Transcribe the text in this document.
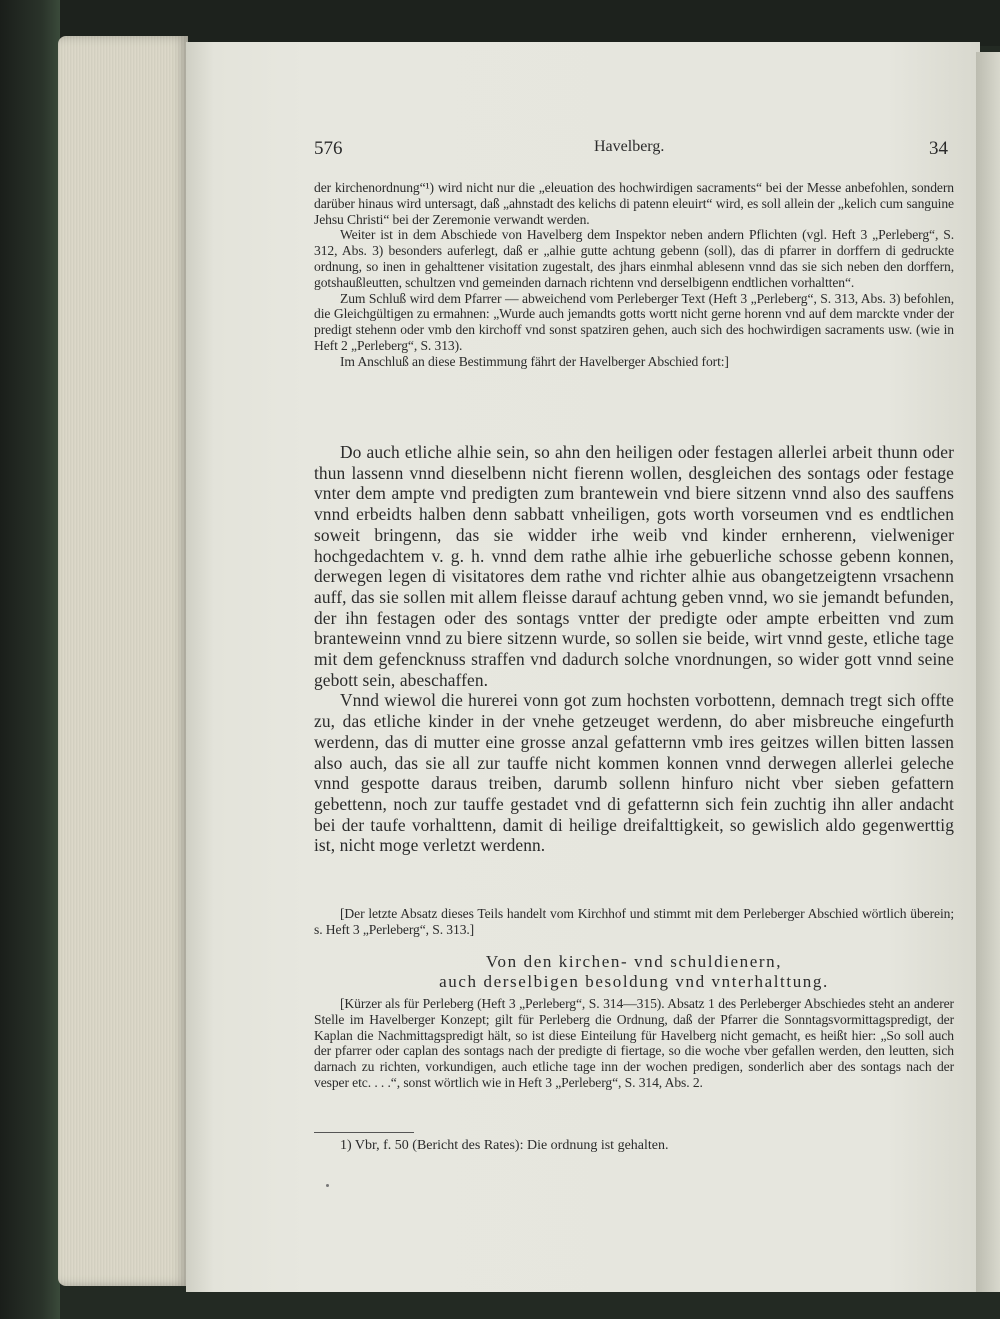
576	Havelberg.	34

der kirchenordnung“¹) wird nicht nur die „eleuation des hochwirdigen sacraments“ bei der Messe anbefohlen, sondern darüber hinaus wird untersagt, daß „ahnstadt des kelichs di patenn eleuirt“ wird, es soll allein der „kelich cum sanguine Jehsu Christi“ bei der Zeremonie verwandt werden.

Weiter ist in dem Abschiede von Havelberg dem Inspektor neben andern Pflichten (vgl. Heft 3 „Perleberg“, S. 312, Abs. 3) besonders auferlegt, daß er „alhie gutte achtung gebenn (soll), das di pfarrer in dorffern di gedruckte ordnung, so inen in gehalttener visitation zugestalt, des jhars einmhal ablesenn vnnd das sie sich neben den dorffern, gotshaußleutten, schultzen vnd gemeinden darnach richtenn vnd derselbigenn endtlichen vorhaltten“.

Zum Schluß wird dem Pfarrer — abweichend vom Perleberger Text (Heft 3 „Perleberg“, S. 313, Abs. 3) befohlen, die Gleichgültigen zu ermahnen: „Wurde auch jemandts gotts wortt nicht gerne horenn vnd auf dem marckte vnder der predigt stehenn oder vmb den kirchoff vnd sonst spatziren gehen, auch sich des hochwirdigen sacraments usw. (wie in Heft 2 „Perleberg“, S. 313).

Im Anschluß an diese Bestimmung fährt der Havelberger Abschied fort:]

Do auch etliche alhie sein, so ahn den heiligen oder festagen allerlei arbeit thunn oder thun lassenn vnnd dieselbenn nicht fierenn wollen, desgleichen des sontags oder festage vnter dem ampte vnd predigten zum brantewein vnd biere sitzenn vnnd also des sauffens vnnd erbeidts halben denn sabbatt vnheiligen, gots worth vorseumen vnd es endtlichen soweit bringenn, das sie widder irhe weib vnd kinder ernherenn, vielweniger hochgedachtem v. g. h. vnnd dem rathe alhie irhe gebuerliche schosse gebenn konnen, derwegen legen di visitatores dem rathe vnd richter alhie aus obangetzeigtenn vrsachenn auff, das sie sollen mit allem fleisse darauf achtung geben vnnd, wo sie jemandt befunden, der ihn festagen oder des sontags vntter der predigte oder ampte erbeitten vnd zum branteweinn vnnd zu biere sitzenn wurde, so sollen sie beide, wirt vnnd geste, etliche tage mit dem gefencknuss straffen vnd dadurch solche vnordnungen, so wider gott vnnd seine gebott sein, abeschaffen.

Vnnd wiewol die hurerei vonn got zum hochsten vorbottenn, demnach tregt sich offte zu, das etliche kinder in der vnehe getzeuget werdenn, do aber misbreuche eingefurth werdenn, das di mutter eine grosse anzal gefatternn vmb ires geitzes willen bitten lassen also auch, das sie all zur tauffe nicht kommen konnen vnnd derwegen allerlei geleche vnnd gespotte daraus treiben, darumb sollenn hinfuro nicht vber sieben gefattern gebettenn, noch zur tauffe gestadet vnd di gefatternn sich fein zuchtig ihn aller andacht bei der taufe vorhalttenn, damit di heilige dreifalttigkeit, so gewislich aldo gegenwerttig ist, nicht moge verletzt werdenn.

[Der letzte Absatz dieses Teils handelt vom Kirchhof und stimmt mit dem Perleberger Abschied wörtlich überein; s. Heft 3 „Perleberg“, S. 313.]

Von den kirchen- vnd schuldienern,
auch derselbigen besoldung vnd vnterhalttung.

[Kürzer als für Perleberg (Heft 3 „Perleberg“, S. 314—315). Absatz 1 des Perleberger Abschiedes steht an anderer Stelle im Havelberger Konzept; gilt für Perleberg die Ordnung, daß der Pfarrer die Sonntagsvormittagspredigt, der Kaplan die Nachmittagspredigt hält, so ist diese Einteilung für Havelberg nicht gemacht, es heißt hier: „So soll auch der pfarrer oder caplan des sontags nach der predigte di fiertage, so die woche vber gefallen werden, den leutten, sich darnach zu richten, vorkundigen, auch etliche tage inn der wochen predigen, sonderlich aber des sontags nach der vesper etc. . . .“, sonst wörtlich wie in Heft 3 „Perleberg“, S. 314, Abs. 2.

1) Vbr, f. 50 (Bericht des Rates): Die ordnung ist gehalten.
